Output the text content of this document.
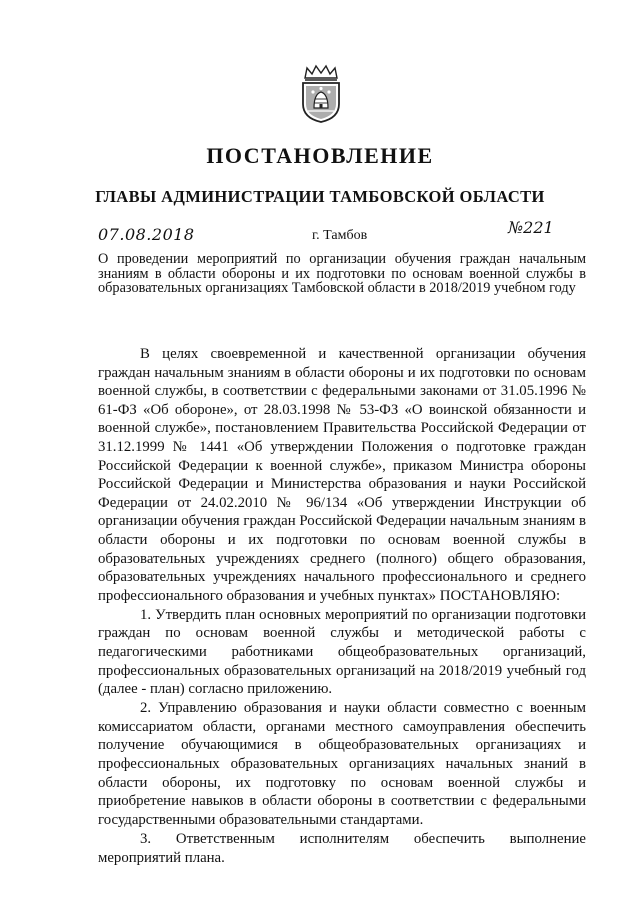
ПОСТАНОВЛЕНИЕ
ГЛАВЫ АДМИНИСТРАЦИИ ТАМБОВСКОЙ ОБЛАСТИ
07.08.2018	г. Тамбов	№221
О проведении мероприятий по организации обучения граждан начальным знаниям в области обороны и их подготовки по основам военной службы в образовательных организациях Тамбовской области в 2018/2019 учебном году

В целях своевременной и качественной организации обучения граждан начальным знаниям в области обороны и их подготовки по основам военной службы, в соответствии с федеральными законами от 31.05.1996 № 61-ФЗ «Об обороне», от 28.03.1998 № 53-ФЗ «О воинской обязанности и военной службе», постановлением Правительства Российской Федерации от 31.12.1999 № 1441 «Об утверждении Положения о подготовке граждан Российской Федерации к военной службе», приказом Министра обороны Российской Федерации и Министерства образования и науки Российской Федерации от 24.02.2010 № 96/134 «Об утверждении Инструкции об организации обучения граждан Российской Федерации начальным знаниям в области обороны и их подготовки по основам военной службы в образовательных учреждениях среднего (полного) общего образования, образовательных учреждениях начального профессионального и среднего профессионального образования и учебных пунктах» ПОСТАНОВЛЯЮ:

1. Утвердить план основных мероприятий по организации подготовки граждан по основам военной службы и методической работы с педагогическими работниками общеобразовательных организаций, профессиональных образовательных организаций на 2018/2019 учебный год (далее - план) согласно приложению.

2. Управлению образования и науки области совместно с военным комиссариатом области, органами местного самоуправления обеспечить получение обучающимися в общеобразовательных организациях и профессиональных образовательных организациях начальных знаний в области обороны, их подготовку по основам военной службы и приобретение навыков в области обороны в соответствии с федеральными государственными образовательными стандартами.

3. Ответственным исполнителям обеспечить выполнение мероприятий плана.
